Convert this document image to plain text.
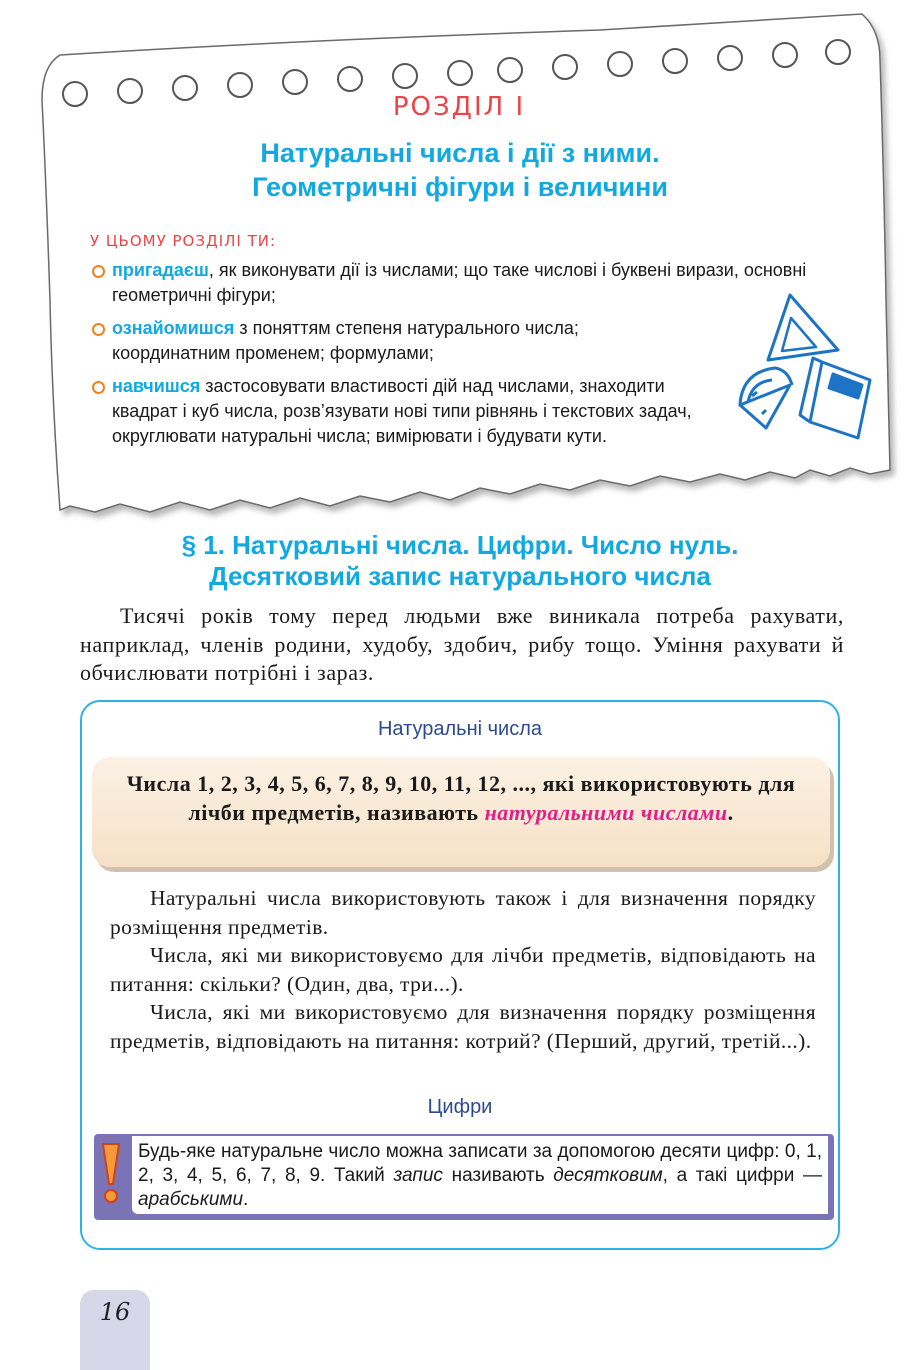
РОЗДІЛ І
Натуральні числа і дії з ними.
Геометричні фігури і величини
У ЦЬОМУ РОЗДІЛІ ТИ:
пригадаєш, як виконувати дії із числами; що таке числові і буквені вирази, основні геометричні фігури;
ознайомишся з поняттям степеня натурального числа; координатним променем; формулами;
навчишся застосовувати властивості дій над числами, знаходити квадрат і куб числа, розв’язувати нові типи рівнянь і текстових задач, округлювати натуральні числа; вимірювати і будувати кути.
§ 1. Натуральні числа. Цифри. Число нуль.
Десятковий запис натурального числа

Тисячі років тому перед людьми вже виникала потреба рахувати, наприклад, членів родини, худобу, здобич, рибу тощо. Уміння рахувати й обчислювати потрібні і зараз.

Натуральні числа
Числа 1, 2, 3, 4, 5, 6, 7, 8, 9, 10, 11, 12, ..., які використовують для лічби предметів, називають натуральними числами.

Натуральні числа використовують також і для визначення порядку розміщення предметів.

Числа, які ми використовуємо для лічби предметів, відповідають на питання: скільки? (Один, два, три...).

Числа, які ми використовуємо для визначення порядку розміщення предметів, відповідають на питання: котрий? (Перший, другий, третій...).

Цифри
Будь-яке натуральне число можна записати за допомогою десяти цифр: 0, 1, 2, 3, 4, 5, 6, 7, 8, 9. Такий запис називають десятковим, а такі цифри — арабськими.
16
